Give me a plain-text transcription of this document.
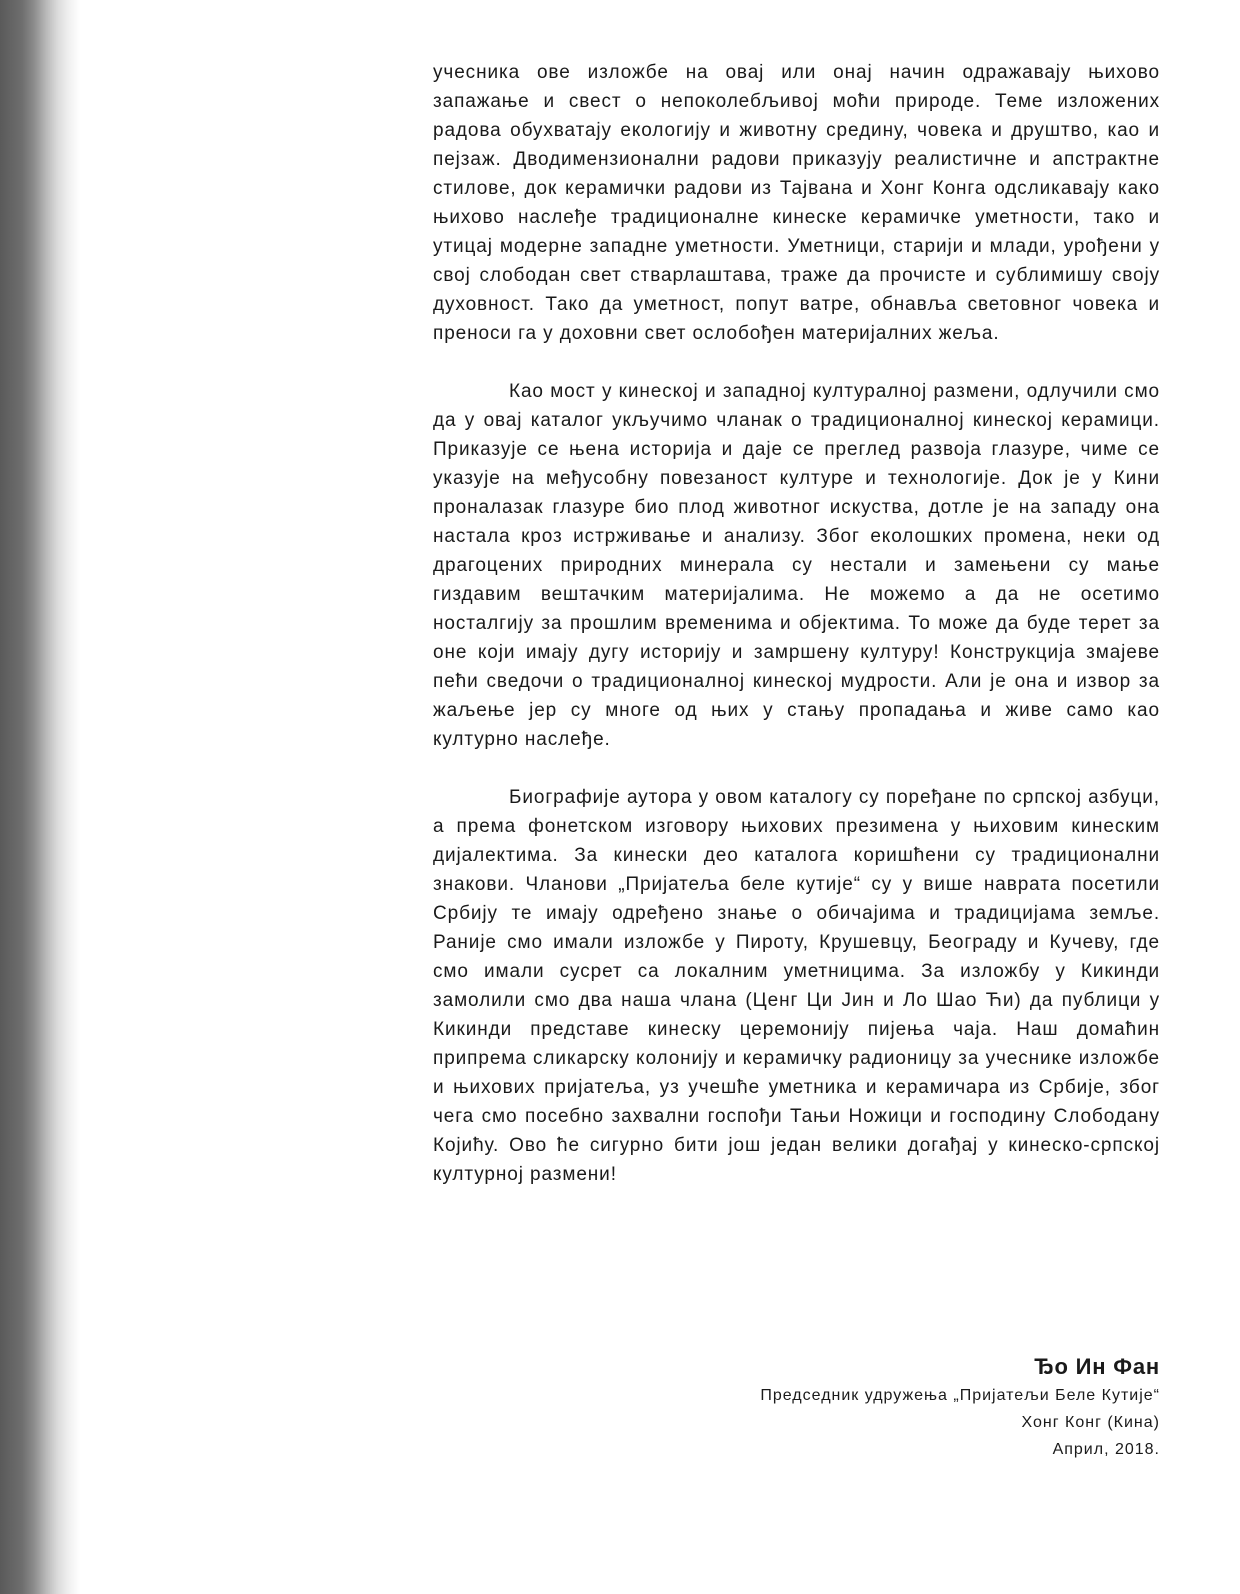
учесника ове изложбе на овај или онај начин одражавају њихово запажање и свест о непоколебљивој моћи природе. Теме изложених радова обухватају екологију и животну средину, човека и друштво, као и пејзаж. Дводимензионални радови приказују реалистичне и апстрактне стилове, док керамички радови из Тајвана и Хонг Конга одсликавају како њихово наслеђе традиционалне кинеске керамичке уметности, тако и утицај модерне западне уметности. Уметници, старији и млади, урођени у свој слободан свет стварлаштава, траже да прочисте и сублимишу своју духовност. Тако да уметност, попут ватре, обнавља световног човека и преноси га у доховни свет ослобођен материјалних жеља.

Као мост у кинеској и западној културалној размени, одлучили смо да у овај каталог укључимо чланак о традиционалној кинеској керамици. Приказује се њена историја и даје се преглед развоја глазуре, чиме се указује на међусобну повезаност културе и технологије. Док је у Кини проналазак глазуре био плод животног искуства, дотле је на западу она настала кроз истрживање и анализу. Због еколошких промена, неки од драгоцених природних минерала су нестали и замењени су мање гиздавим вештачким материјалима. Не можемо а да не осетимо носталгију за прошлим временима и објектима. То може да буде терет за оне који имају дугу историју и замршену културу! Конструкција змајеве пећи сведочи о традиционалној кинеској мудрости. Али је она и извор за жаљење јер су многе од њих у стању пропадања и живе само као културно наслеђе.

Биографије аутора у овом каталогу су поређане по српској азбуци, а према фонетском изговору њихових презимена у њиховим кинеским дијалектима. За кинески део каталога коришћени су традиционални знакови. Чланови „Пријатеља беле кутије“ су у више наврата посетили Србију те имају одређено знање о обичајима и традицијама земље. Раније смо имали изложбе у Пироту, Крушевцу, Београду и Кучеву, где смо имали сусрет са локалним уметницима. За изложбу у Кикинди замолили смо два наша члана (Ценг Ци Јин и Ло Шао Ћи) да публици у Кикинди представе кинеску церемонију пијења чаја. Наш домаћин припрема сликарску колонију и керамичку радионицу за учеснике изложбе и њихових пријатеља, уз учешће уметника и керамичара из Србије, због чега смо посебно захвални госпођи Тањи Ножици и господину Слободану Којићу. Ово ће сигурно бити још један велики догађај у кинеско-српској културној размени!

Ђо Ин Фан
Председник удружења „Пријатељи Беле Кутије“
Хонг Конг (Кина)
Април, 2018.
